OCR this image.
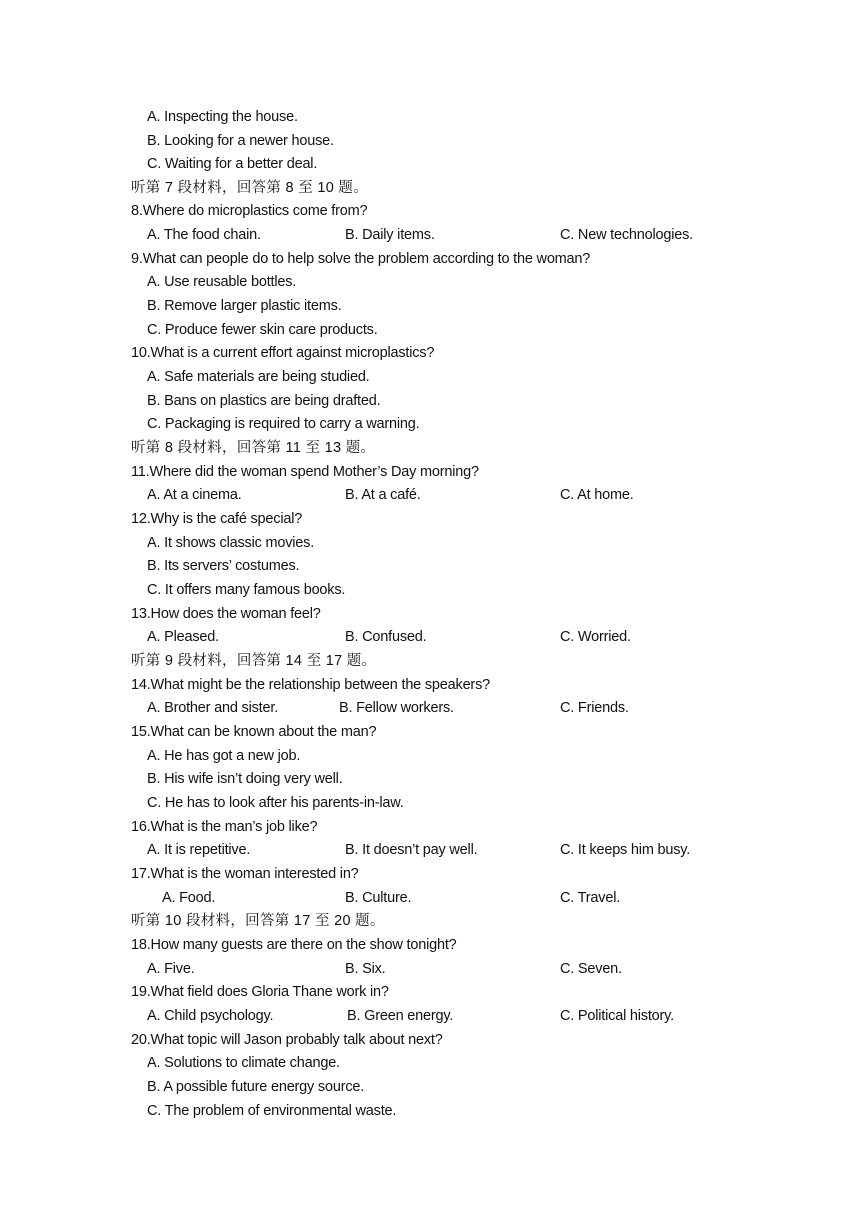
A. Inspecting the house.
B. Looking for a newer house.
C. Waiting for a better deal.
听第 7 段材料，回答第 8 至 10 题。
8.Where do microplastics come from?
A. The food chain.	B. Daily items.	C. New technologies.
9.What can people do to help solve the problem according to the woman?
A. Use reusable bottles.
B. Remove larger plastic items.
C. Produce fewer skin care products.
10.What is a current effort against microplastics?
A. Safe materials are being studied.
B. Bans on plastics are being drafted.
C. Packaging is required to carry a warning.
听第 8 段材料，回答第 11 至 13 题。
11.Where did the woman spend Mother’s Day morning?
A. At a cinema.	B. At a café.	C. At home.
12.Why is the café special?
A. It shows classic movies.
B. Its servers’ costumes.
C. It offers many famous books.
13.How does the woman feel?
A. Pleased.	B. Confused.	C. Worried.
听第 9 段材料，回答第 14 至 17 题。
14.What might be the relationship between the speakers?
A. Brother and sister.	B. Fellow workers.	C. Friends.
15.What can be known about the man?
A. He has got a new job.
B. His wife isn’t doing very well.
C. He has to look after his parents-in-law.
16.What is the man’s job like?
A. It is repetitive.	B. It doesn’t pay well.	C. It keeps him busy.
17.What is the woman interested in?
A. Food.	B. Culture.	C. Travel.
听第 10 段材料，回答第 17 至 20 题。
18.How many guests are there on the show tonight?
A. Five.	B. Six.	C. Seven.
19.What field does Gloria Thane work in?
A. Child psychology.	B. Green energy.	C. Political history.
20.What topic will Jason probably talk about next?
A. Solutions to climate change.
B. A possible future energy source.
C. The problem of environmental waste.
